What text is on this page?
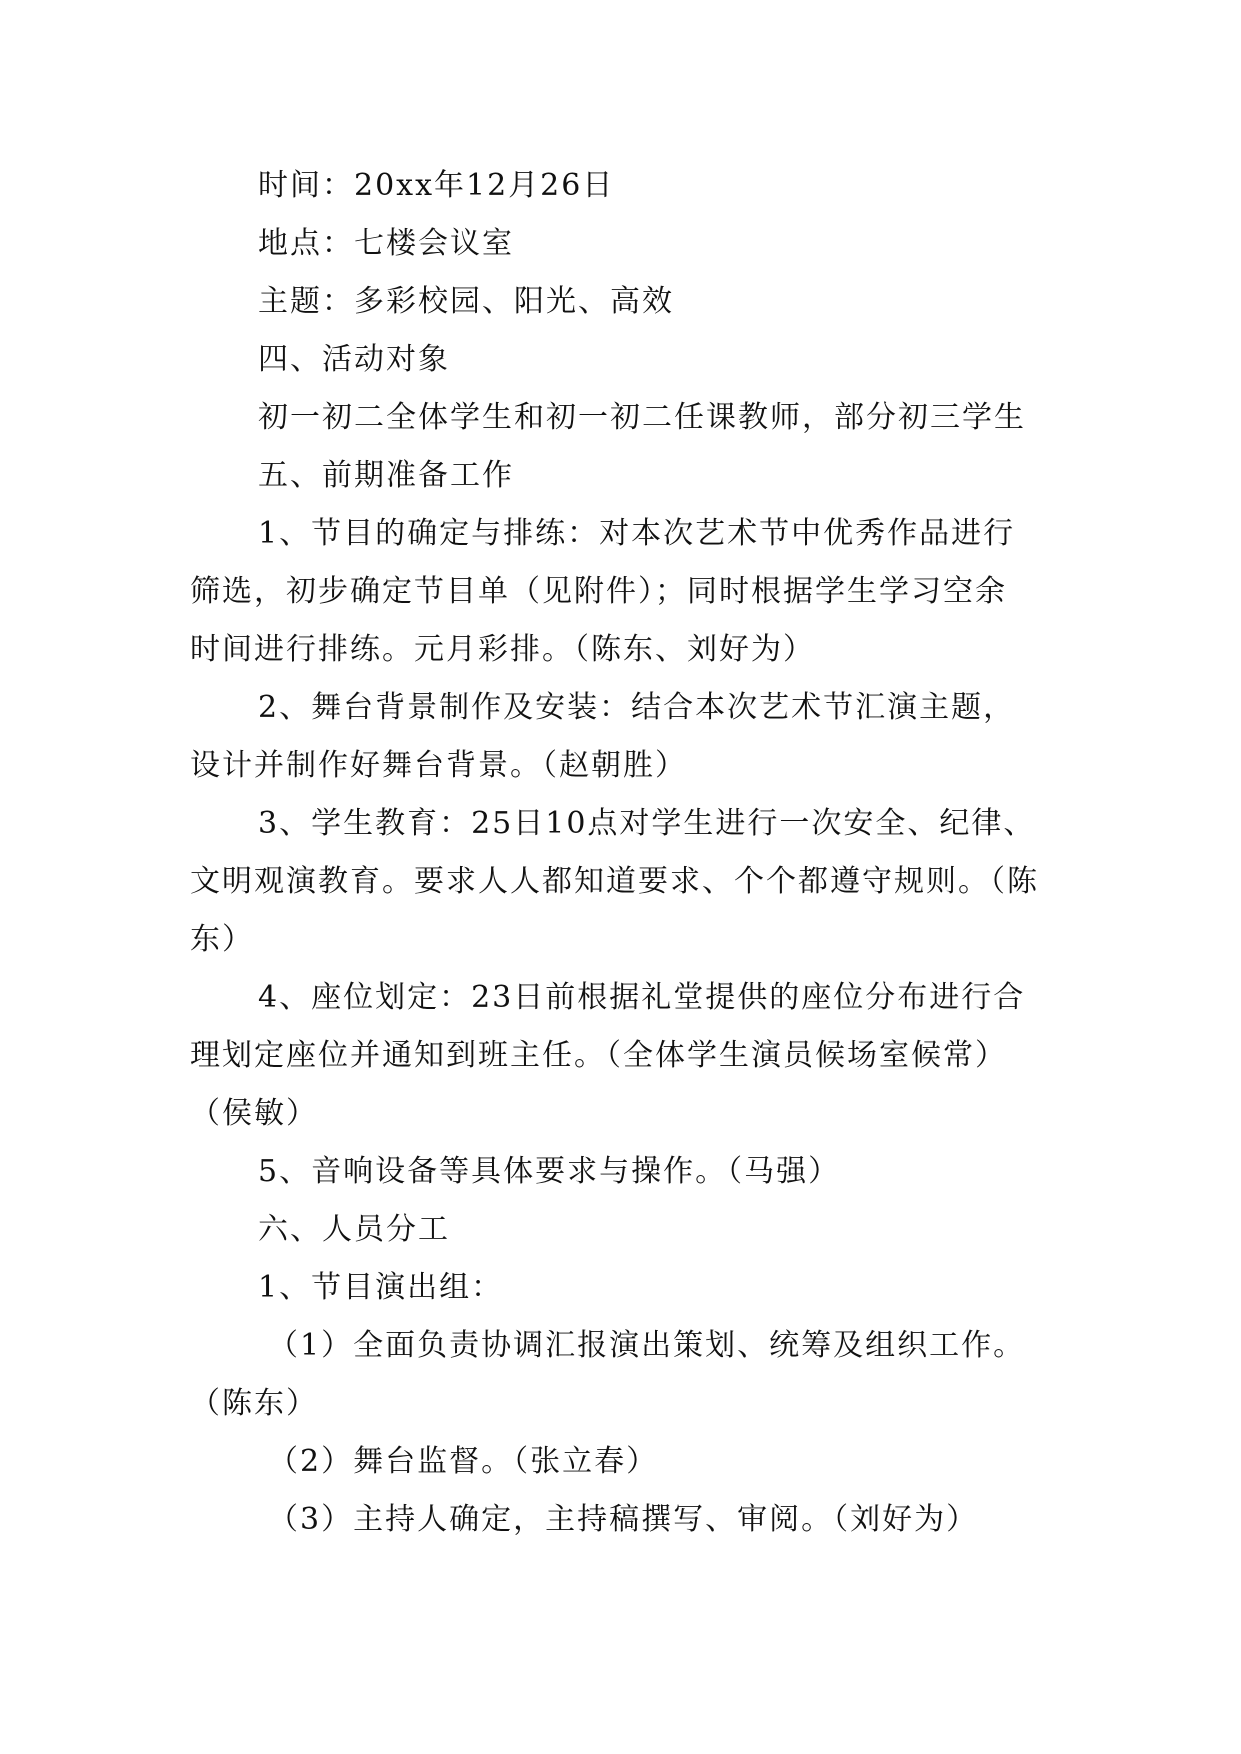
时间：20xx年12月26日
地点：七楼会议室
主题：多彩校园、阳光、高效
四、活动对象
初一初二全体学生和初一初二任课教师，部分初三学生
五、前期准备工作
1、节目的确定与排练：对本次艺术节中优秀作品进行
筛选，初步确定节目单（见附件）；同时根据学生学习空余
时间进行排练。元月彩排。（陈东、刘好为）
2、舞台背景制作及安装：结合本次艺术节汇演主题，
设计并制作好舞台背景。（赵朝胜）
3、学生教育：25日10点对学生进行一次安全、纪律、
文明观演教育。要求人人都知道要求、个个都遵守规则。（陈
东）
4、座位划定：23日前根据礼堂提供的座位分布进行合
理划定座位并通知到班主任。（全体学生演员候场室候常）
（侯敏）
5、音响设备等具体要求与操作。（马强）
六、人员分工
1、节目演出组：
（1）全面负责协调汇报演出策划、统筹及组织工作。
（陈东）
（2）舞台监督。（张立春）
（3）主持人确定，主持稿撰写、审阅。（刘好为）
